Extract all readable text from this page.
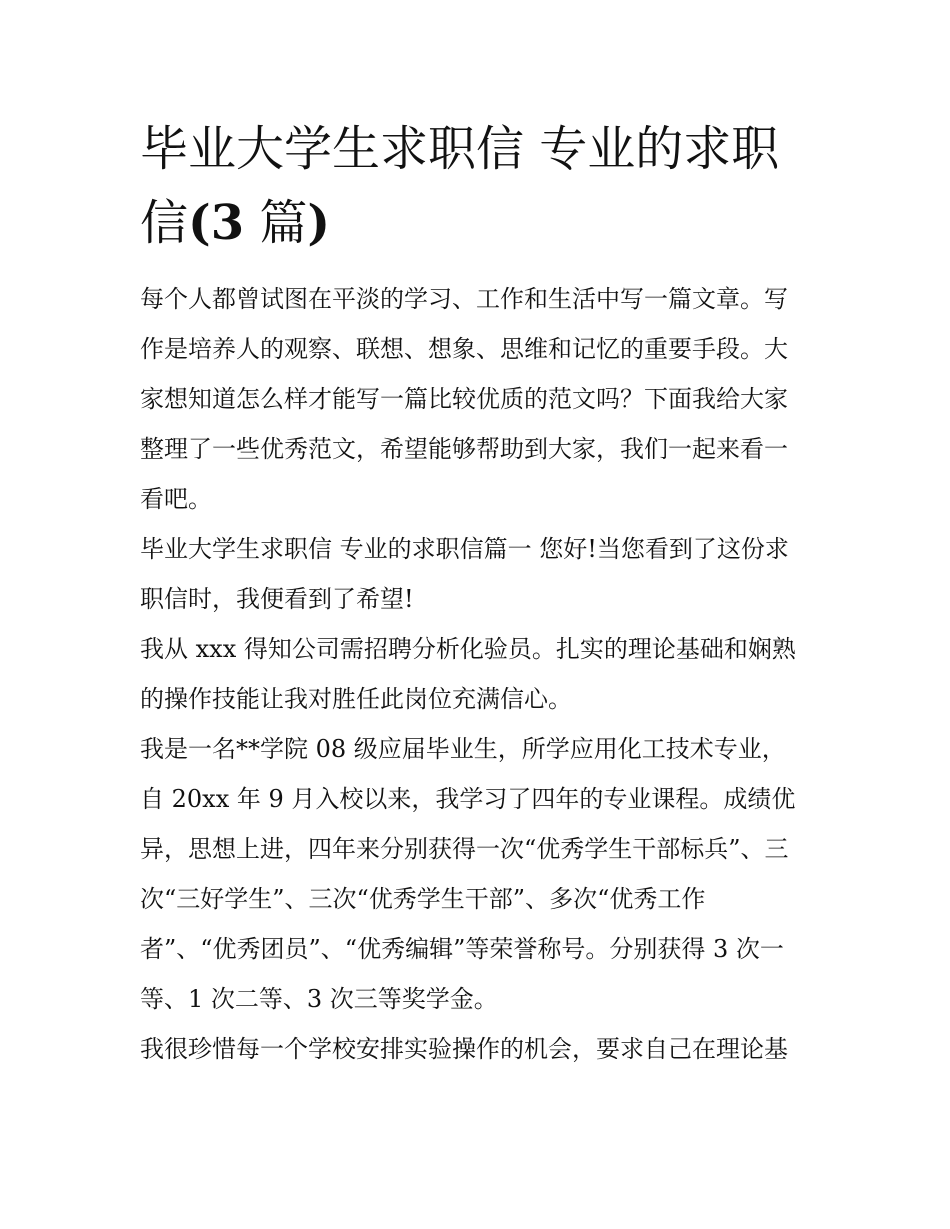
毕业大学生求职信 专业的求职
信(3 篇)

每个人都曾试图在平淡的学习、工作和生活中写一篇文章。写
作是培养人的观察、联想、想象、思维和记忆的重要手段。大
家想知道怎么样才能写一篇比较优质的范文吗？下面我给大家
整理了一些优秀范文，希望能够帮助到大家，我们一起来看一
看吧。

毕业大学生求职信 专业的求职信篇一 您好!当您看到了这份求
职信时，我便看到了希望!

我从 xxx 得知公司需招聘分析化验员。扎实的理论基础和娴熟
的操作技能让我对胜任此岗位充满信心。

我是一名**学院 08 级应届毕业生，所学应用化工技术专业，
自 20xx 年 9 月入校以来，我学习了四年的专业课程。成绩优
异，思想上进，四年来分别获得一次“优秀学生干部标兵”、三
次“三好学生”、三次“优秀学生干部”、多次“优秀工作
者”、“优秀团员”、“优秀编辑”等荣誉称号。分别获得 3 次一
等、1 次二等、3 次三等奖学金。

我很珍惜每一个学校安排实验操作的机会，要求自己在理论基
